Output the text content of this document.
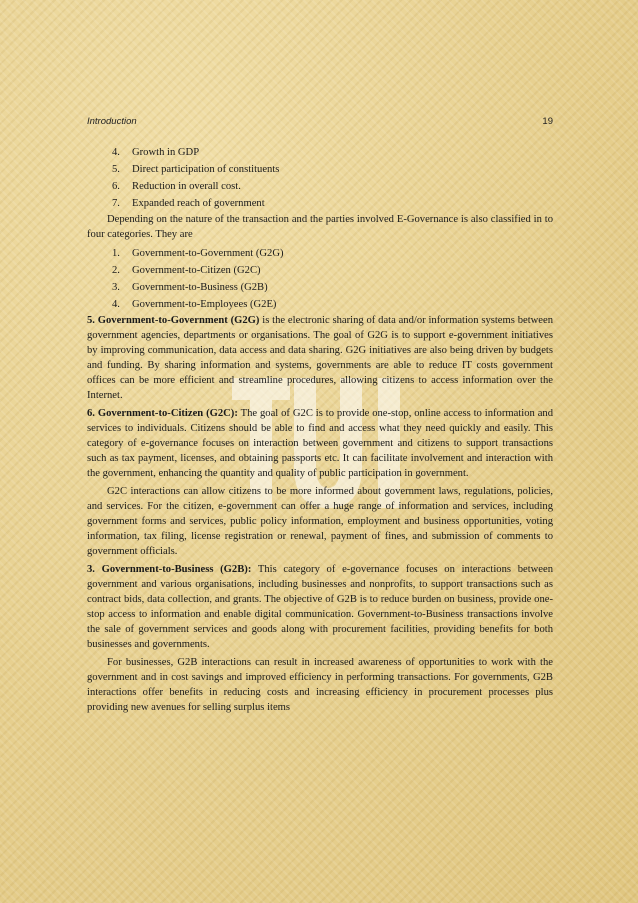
Introduction	19
4. Growth in GDP
5. Direct participation of constituents
6. Reduction in overall cost.
7. Expanded reach of government

Depending on the nature of the transaction and the parties involved E-Governance is also classified in to four categories. They are

1. Government-to-Government (G2G)
2. Government-to-Citizen (G2C)
3. Government-to-Business (G2B)
4. Government-to-Employees (G2E)

5. Government-to-Government (G2G) is the electronic sharing of data and/or information systems between government agencies, departments or organisations. The goal of G2G is to support e-government initiatives by improving communication, data access and data sharing. G2G initiatives are also being driven by budgets and funding. By sharing information and systems, governments are able to reduce IT costs government offices can be more efficient and streamline procedures, allowing citizens to access information over the Internet.

6. Government-to-Citizen (G2C): The goal of G2C is to provide one-stop, online access to information and services to individuals. Citizens should be able to find and access what they need quickly and easily. This category of e-governance focuses on interaction between government and citizens to support transactions such as tax payment, licenses, and obtaining passports etc. It can facilitate involvement and interaction with the government, enhancing the quantity and quality of public participation in government.

G2C interactions can allow citizens to be more informed about government laws, regulations, policies, and services. For the citizen, e-government can offer a huge range of information and services, including government forms and services, public policy information, employment and business opportunities, voting information, tax filing, license registration or renewal, payment of fines, and submission of comments to government officials.

3. Government-to-Business (G2B): This category of e-governance focuses on interactions between government and various organisations, including businesses and nonprofits, to support transactions such as contract bids, data collection, and grants. The objective of G2B is to reduce burden on business, provide one-stop access to information and enable digital communication. Government-to-Business transactions involve the sale of government services and goods along with procurement facilities, providing benefits for both businesses and governments.

For businesses, G2B interactions can result in increased awareness of opportunities to work with the government and in cost savings and improved efficiency in performing transactions. For governments, G2B interactions offer benefits in reducing costs and increasing efficiency in procurement processes plus providing new avenues for selling surplus items
